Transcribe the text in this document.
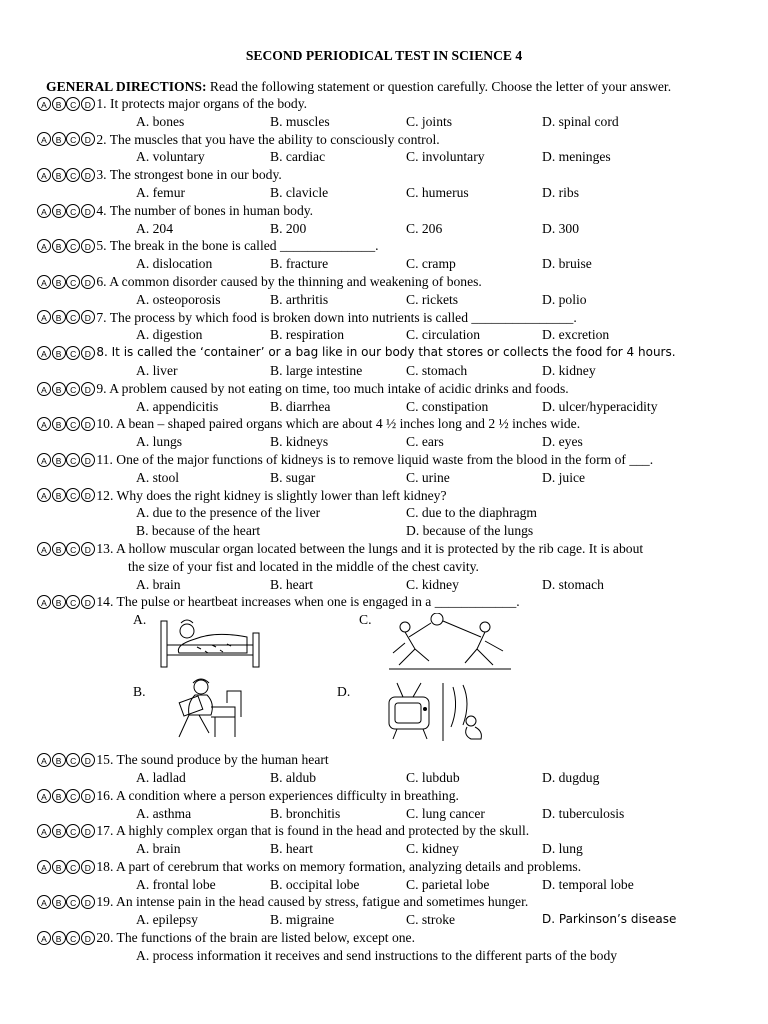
SECOND PERIODICAL TEST IN SCIENCE 4
GENERAL DIRECTIONS: Read the following statement or question carefully. Choose the letter of your answer.
A	B	C D 1. It protects major organs of the body.
A. bones	B. muscles	C. joints	D. spinal cord
A	B	C D 2. The muscles that you have the ability to consciously control.
A. voluntary	B. cardiac	C. involuntary	D. meninges
A	B	C D 3. The strongest bone in our body.
A. femur	B. clavicle	C. humerus	D. ribs
A	B	C D 4. The number of bones in human body.
A. 204	B. 200	C. 206	D. 300
A	B	C D 5. The break in the bone is called ______________.
A. dislocation	B. fracture	C. cramp	D. bruise
A	B	C D 6. A common disorder caused by the thinning and weakening of bones.
A. osteoporosis	B. arthritis	C. rickets	D. polio
A	B	C D 7. The process by which food is broken down into nutrients is called _______________.
A. digestion	B. respiration	C. circulation	D. excretion
A	B	C D 8. It is called the ‘container’ or a bag like in our body that stores or collects the food for 4 hours.
A. liver	B. large intestine	C. stomach	D. kidney
A	B	C D 9. A problem caused by not eating on time, too much intake of acidic drinks and foods.
A. appendicitis	B. diarrhea	C. constipation	D. ulcer/hyperacidity
A	B	C D 10. A bean – shaped paired organs which are about 4 ½ inches long and 2 ½ inches wide.
A. lungs	B. kidneys	C. ears	D. eyes
A	B	C D 11. One of the major functions of kidneys is to remove liquid waste from the blood in the form of ___.
A. stool	B. sugar	C. urine	D. juice
A	B	C D 12. Why does the right kidney is slightly lower than left kidney?
A. due to the presence of the liver	C. due to the diaphragm
B. because of the heart	D. because of the lungs
A	B	C D 13. A hollow muscular organ located between the lungs and it is protected by the rib cage. It is about
the size of your fist and located in the middle of the chest cavity.
A. brain	B. heart	C. kidney	D. stomach
A	B	C D 14. The pulse or heartbeat increases when one is engaged in a ____________.
A.	C.
B.	D.
A	B	C D 15. The sound produce by the human heart
A. ladlad	B. aldub	C. lubdub	D. dugdug
A	B	C D 16. A condition where a person experiences difficulty in breathing.
A. asthma	B. bronchitis	C. lung cancer	D. tuberculosis
A	B	C D 17. A highly complex organ that is found in the head and protected by the skull.
A. brain	B. heart	C. kidney	D. lung
A	B	C D 18. A part of cerebrum that works on memory formation, analyzing details and problems.
A. frontal lobe	B. occipital lobe	C. parietal lobe	D. temporal lobe
A	B	C D 19. An intense pain in the head caused by stress, fatigue and sometimes hunger.
A. epilepsy	B. migraine	C. stroke	D. Parkinson’s disease
A	B	C D 20. The functions of the brain are listed below, except one.
A. process information it receives and send instructions to the different parts of the body
